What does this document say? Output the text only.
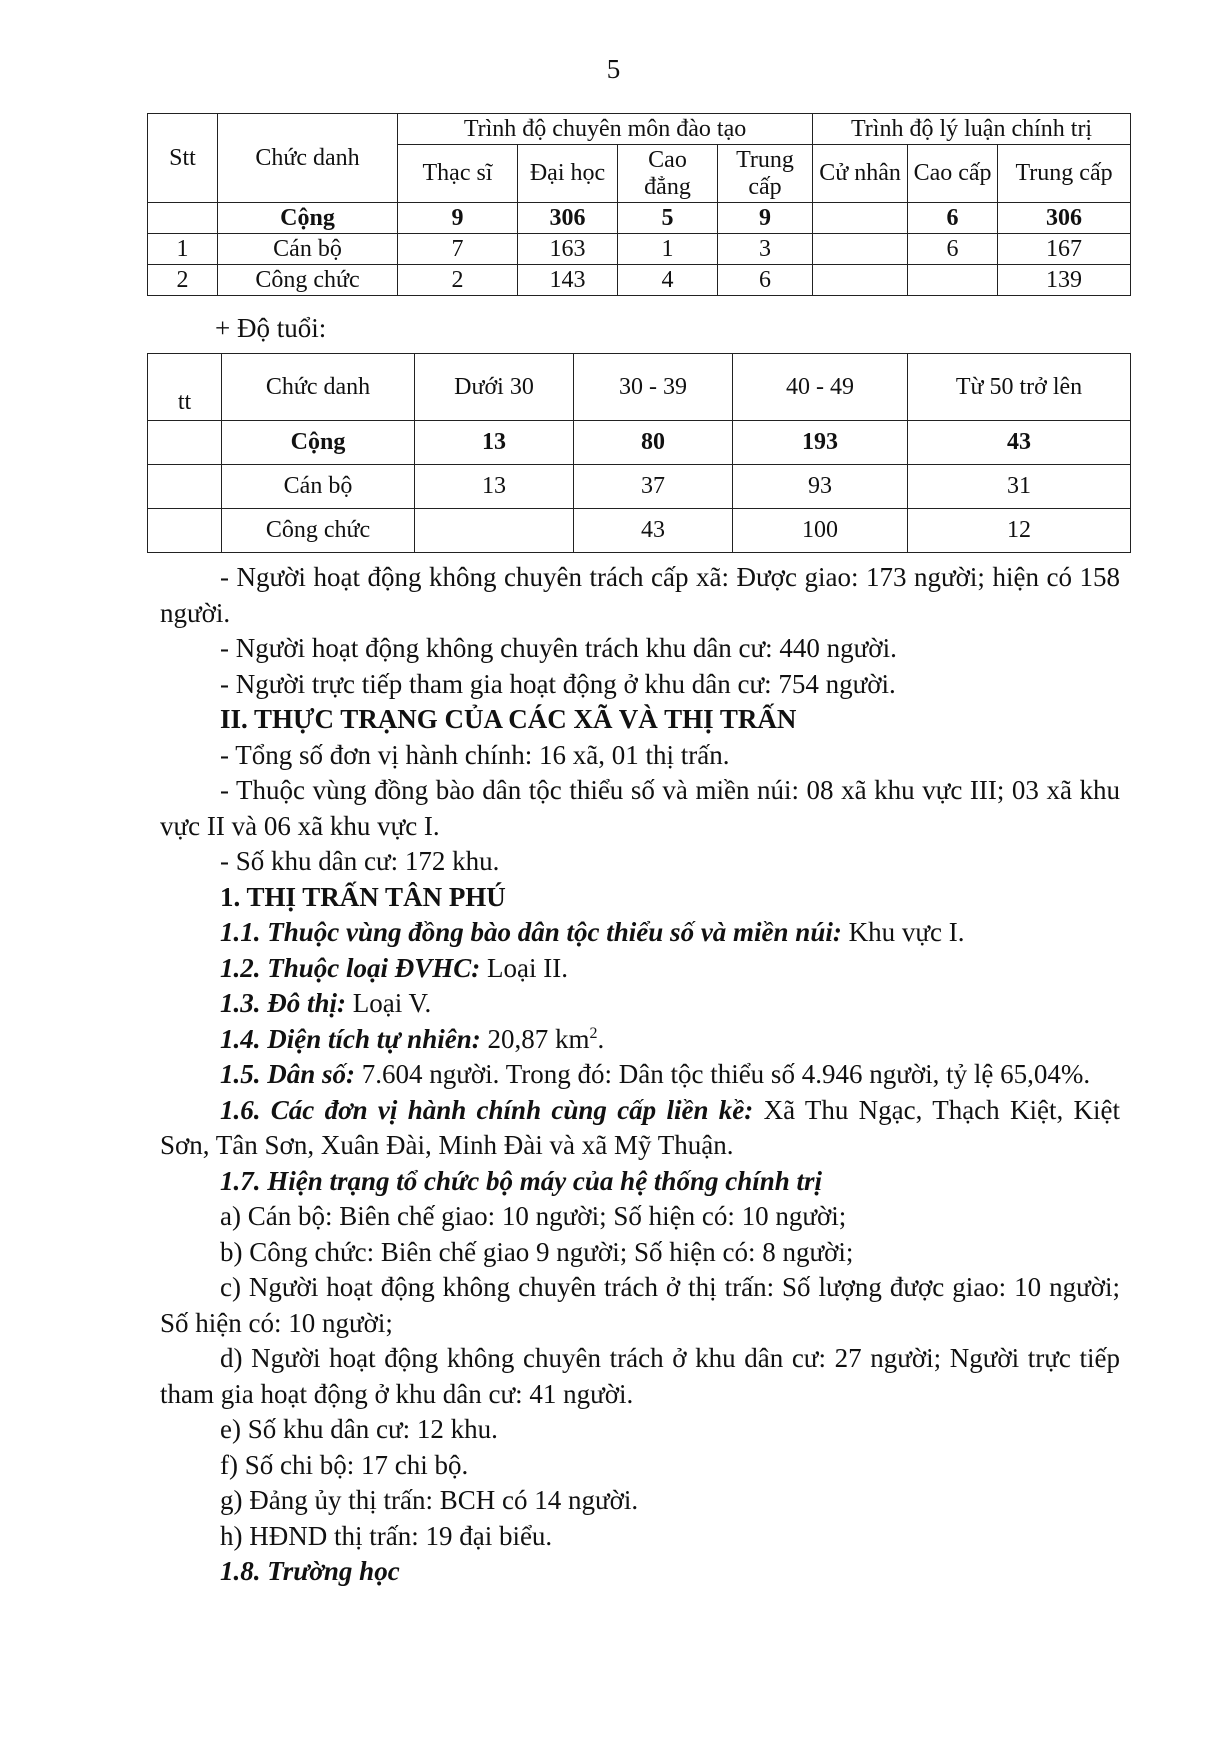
5
Stt	Chức danh	Trình độ chuyên môn đào tạo				Trình độ lý luận chính trị		
		Thạc sĩ	Đại học	Cao đẳng	Trung cấp	Cử nhân	Cao cấp	Trung cấp
	Cộng	9	306	5	9		6	306
1	Cán bộ	7	163	1	3		6	167
2	Công chức	2	143	4	6			139
+ Độ tuổi:
tt	Chức danh	Dưới 30	30 - 39	40 - 49	Từ 50 trở lên
	Cộng	13	80	193	43
	Cán bộ	13	37	93	31
	Công chức		43	100	12

- Người hoạt động không chuyên trách cấp xã: Được giao: 173 người; hiện có 158 người.

- Người hoạt động không chuyên trách khu dân cư: 440 người.

- Người trực tiếp tham gia hoạt động ở khu dân cư: 754 người.

II. THỰC TRẠNG CỦA CÁC XÃ VÀ THỊ TRẤN

- Tổng số đơn vị hành chính: 16 xã, 01 thị trấn.

- Thuộc vùng đồng bào dân tộc thiểu số và miền núi: 08 xã khu vực III; 03 xã khu vực II và 06 xã khu vực I.

- Số khu dân cư: 172 khu.

1. THỊ TRẤN TÂN PHÚ

1.1. Thuộc vùng đồng bào dân tộc thiểu số và miền núi: Khu vực I.

1.2. Thuộc loại ĐVHC: Loại II.

1.3. Đô thị: Loại V.

1.4. Diện tích tự nhiên: 20,87 $km^2$.

1.5. Dân số: 7.604 người. Trong đó: Dân tộc thiểu số 4.946 người, tỷ lệ 65,04%.

1.6. Các đơn vị hành chính cùng cấp liền kề: Xã Thu Ngạc, Thạch Kiệt, Kiệt Sơn, Tân Sơn, Xuân Đài, Minh Đài và xã Mỹ Thuận.

1.7. Hiện trạng tổ chức bộ máy của hệ thống chính trị

a) Cán bộ: Biên chế giao: 10 người; Số hiện có: 10 người;

b) Công chức: Biên chế giao 9 người; Số hiện có: 8 người;

c) Người hoạt động không chuyên trách ở thị trấn: Số lượng được giao: 10 người; Số hiện có: 10 người;

d) Người hoạt động không chuyên trách ở khu dân cư: 27 người; Người trực tiếp tham gia hoạt động ở khu dân cư: 41 người.

e) Số khu dân cư: 12 khu.

f) Số chi bộ: 17 chi bộ.

g) Đảng ủy thị trấn: BCH có 14 người.

h) HĐND thị trấn: 19 đại biểu.

1.8. Trường học
